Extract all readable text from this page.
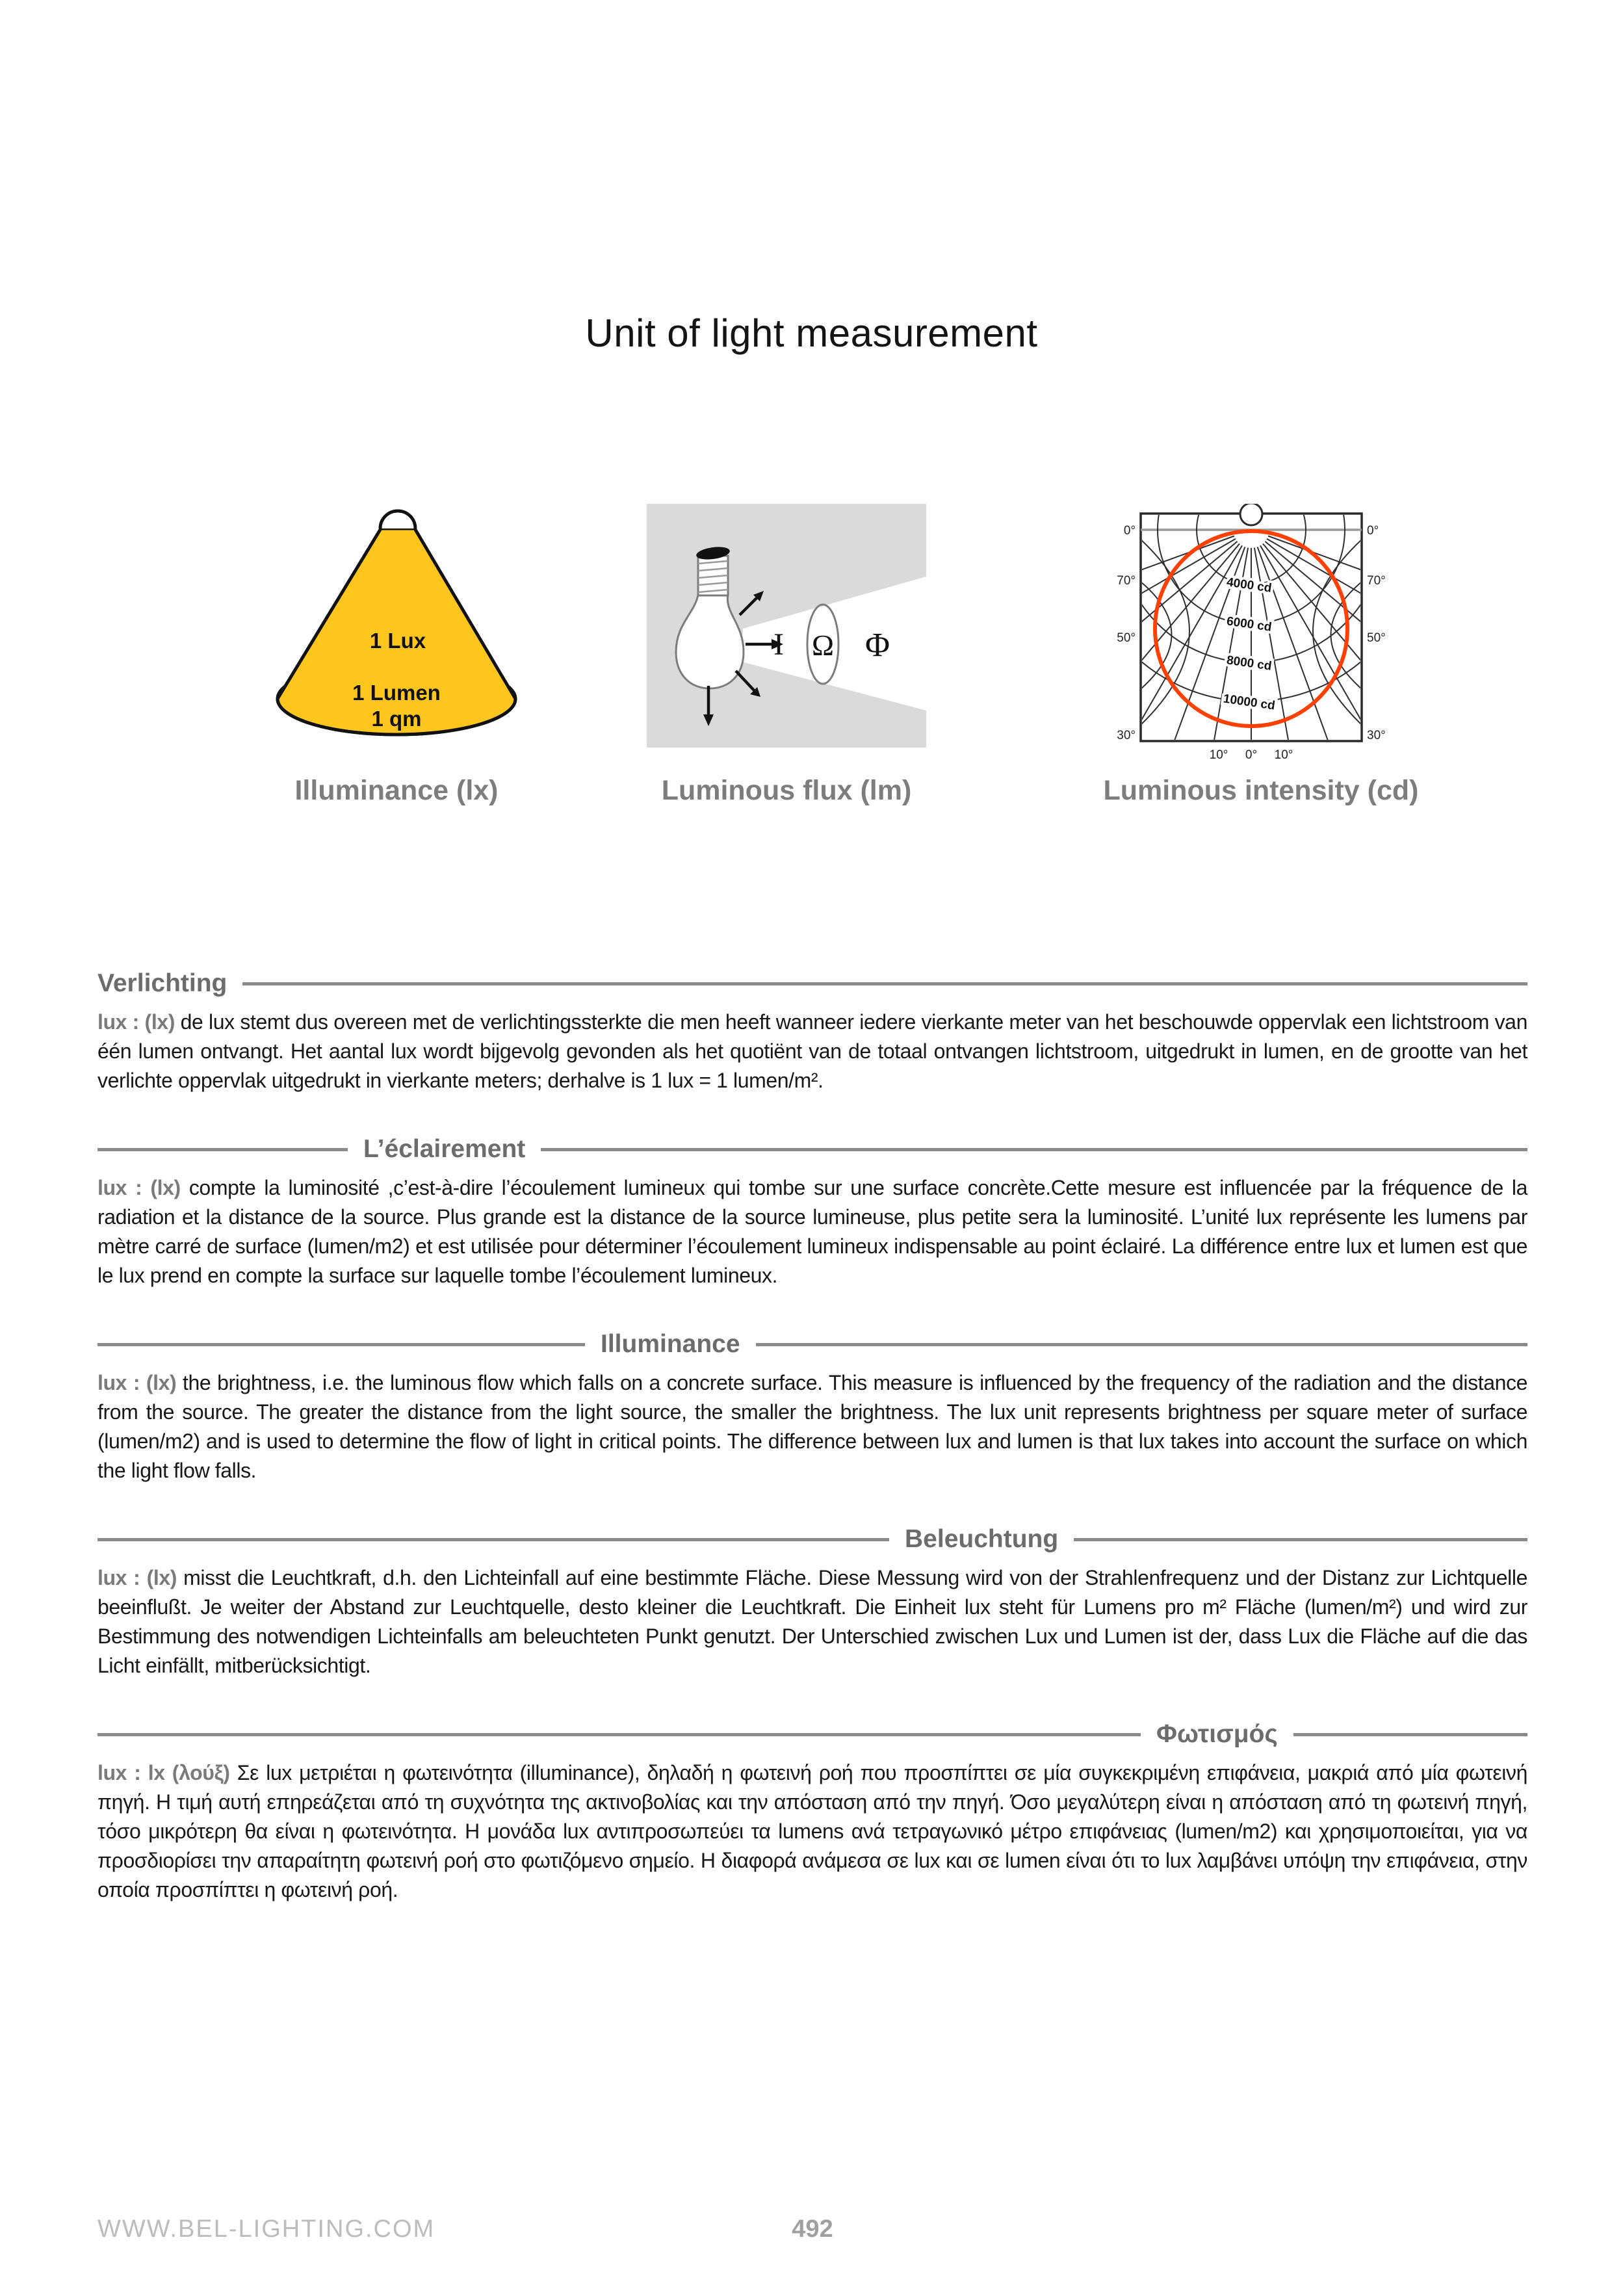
Unit of light measurement
1 Lux
1 Lumen
1 qm
Illuminance (lx)
I Ω Φ
Luminous flux (lm)
4000 cd
6000 cd
8000 cd
10000 cd
0°
70°
50°
30°
0°
70°
50°
30°
10° 0° 10°
Luminous intensity (cd)
Verlichting
lux : (lx) de lux stemt dus overeen met de verlichtingssterkte die men heeft wanneer iedere vierkante meter van het beschouwde oppervlak een lichtstroom van één lumen ontvangt. Het aantal lux wordt bijgevolg gevonden als het quotiënt van de totaal ontvangen lichtstroom, uitgedrukt in lumen, en de grootte van het verlichte oppervlak uitgedrukt in vierkante meters; derhalve is 1 lux = 1 lumen/m².
L’éclairement
lux : (lx) compte la luminosité ,c’est-à-dire l’écoulement lumineux qui tombe sur une surface concrète.Cette mesure est influencée par la fréquence de la radiation et la distance de la source. Plus grande est la distance de la source lumineuse, plus petite sera la luminosité. L’unité lux représente les lumens par mètre carré de surface (lumen/m2) et est utilisée pour déterminer l’écoulement lumineux indispensable au point éclairé. La différence entre lux et lumen est que le lux prend en compte la surface sur laquelle tombe l’écoulement lumineux.
Illuminance
lux : (lx) the brightness, i.e. the luminous flow which falls on a concrete surface. This measure is influenced by the frequency of the radiation and the distance from the source. The greater the distance from the light source, the smaller the brightness. The lux unit represents brightness per square meter of surface (lumen/m2) and is used to determine the flow of light in critical points. The difference between lux and lumen is that lux takes into account the surface on which the light flow falls.
Beleuchtung
lux : (lx) misst die Leuchtkraft, d.h. den Lichteinfall auf eine bestimmte Fläche. Diese Messung wird von der Strahlenfrequenz und der Distanz zur Lichtquelle beeinflußt. Je weiter der Abstand zur Leuchtquelle, desto kleiner die Leuchtkraft. Die Einheit lux steht für Lumens pro m² Fläche (lumen/m²) und wird zur Bestimmung des notwendigen Lichteinfalls am beleuchteten Punkt genutzt. Der Unterschied zwischen Lux und Lumen ist der, dass Lux die Fläche auf die das Licht einfällt, mitberücksichtigt.
Φωτισμός
lux : lx (λούξ) Σε lux μετριέται η φωτεινότητα (illuminance), δηλαδή η φωτεινή ροή που προσπίπτει σε μία συγκεκριμένη επιφάνεια, μακριά από μία φωτεινή πηγή. Η τιμή αυτή επηρεάζεται από τη συχνότητα της ακτινοβολίας και την απόσταση από την πηγή. Όσο μεγαλύτερη είναι η απόσταση από τη φωτεινή πηγή, τόσο μικρότερη θα είναι η φωτεινότητα. Η μονάδα lux αντιπροσωπεύει τα lumens ανά τετραγωνικό μέτρο επιφάνειας (lumen/m2) και χρησιμοποιείται, για να προσδιορίσει την απαραίτητη φωτεινή ροή στο φωτιζόμενο σημείο. Η διαφορά ανάμεσα σε lux και σε lumen είναι ότι το lux λαμβάνει υπόψη την επιφάνεια, στην οποία προσπίπτει η φωτεινή ροή.
WWW.BEL-LIGHTING.COM	492
